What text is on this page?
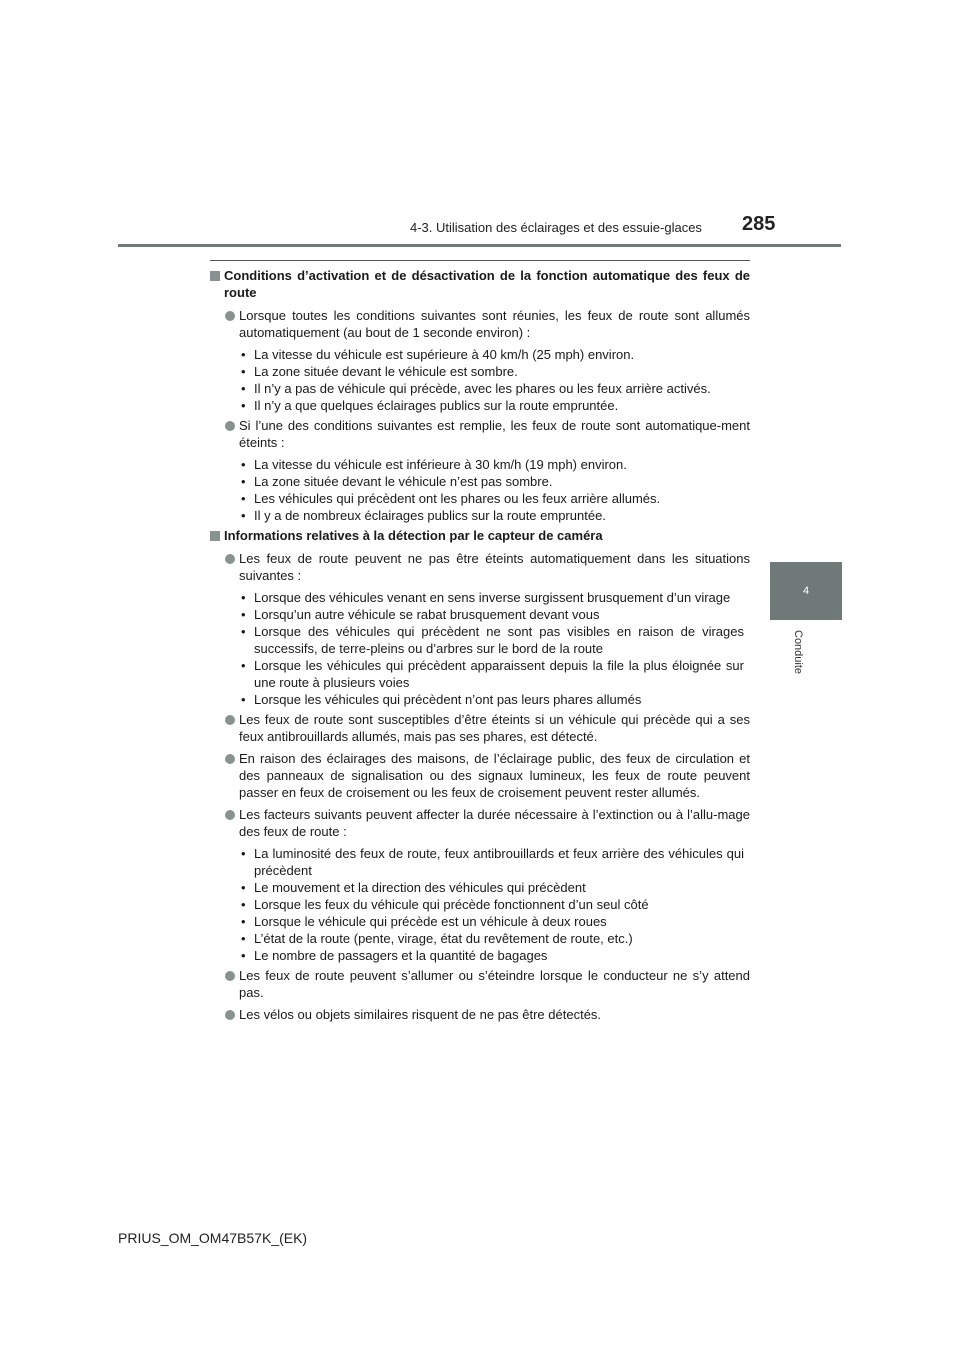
4-3. Utilisation des éclairages et des essuie-glaces 285
4
Conduite
Conditions d’activation et de désactivation de la fonction automatique des feux de route
Lorsque toutes les conditions suivantes sont réunies, les feux de route sont allumés automatiquement (au bout de 1 seconde environ) :
• La vitesse du véhicule est supérieure à 40 km/h (25 mph) environ.
• La zone située devant le véhicule est sombre.
• Il n’y a pas de véhicule qui précède, avec les phares ou les feux arrière activés.
• Il n’y a que quelques éclairages publics sur la route empruntée.
Si l’une des conditions suivantes est remplie, les feux de route sont automatique-ment éteints :
• La vitesse du véhicule est inférieure à 30 km/h (19 mph) environ.
• La zone située devant le véhicule n’est pas sombre.
• Les véhicules qui précèdent ont les phares ou les feux arrière allumés.
• Il y a de nombreux éclairages publics sur la route empruntée.
Informations relatives à la détection par le capteur de caméra
Les feux de route peuvent ne pas être éteints automatiquement dans les situations suivantes :
• Lorsque des véhicules venant en sens inverse surgissent brusquement d’un virage
• Lorsqu’un autre véhicule se rabat brusquement devant vous
• Lorsque des véhicules qui précèdent ne sont pas visibles en raison de virages successifs, de terre-pleins ou d’arbres sur le bord de la route
• Lorsque les véhicules qui précèdent apparaissent depuis la file la plus éloignée sur une route à plusieurs voies
• Lorsque les véhicules qui précèdent n’ont pas leurs phares allumés
Les feux de route sont susceptibles d’être éteints si un véhicule qui précède qui a ses feux antibrouillards allumés, mais pas ses phares, est détecté.
En raison des éclairages des maisons, de l’éclairage public, des feux de circulation et des panneaux de signalisation ou des signaux lumineux, les feux de route peuvent passer en feux de croisement ou les feux de croisement peuvent rester allumés.
Les facteurs suivants peuvent affecter la durée nécessaire à l’extinction ou à l’allu-mage des feux de route :
• La luminosité des feux de route, feux antibrouillards et feux arrière des véhicules qui précèdent
• Le mouvement et la direction des véhicules qui précèdent
• Lorsque les feux du véhicule qui précède fonctionnent d’un seul côté
• Lorsque le véhicule qui précède est un véhicule à deux roues
• L’état de la route (pente, virage, état du revêtement de route, etc.)
• Le nombre de passagers et la quantité de bagages
Les feux de route peuvent s’allumer ou s’éteindre lorsque le conducteur ne s’y attend pas.
Les vélos ou objets similaires risquent de ne pas être détectés.
PRIUS_OM_OM47B57K_(EK)
